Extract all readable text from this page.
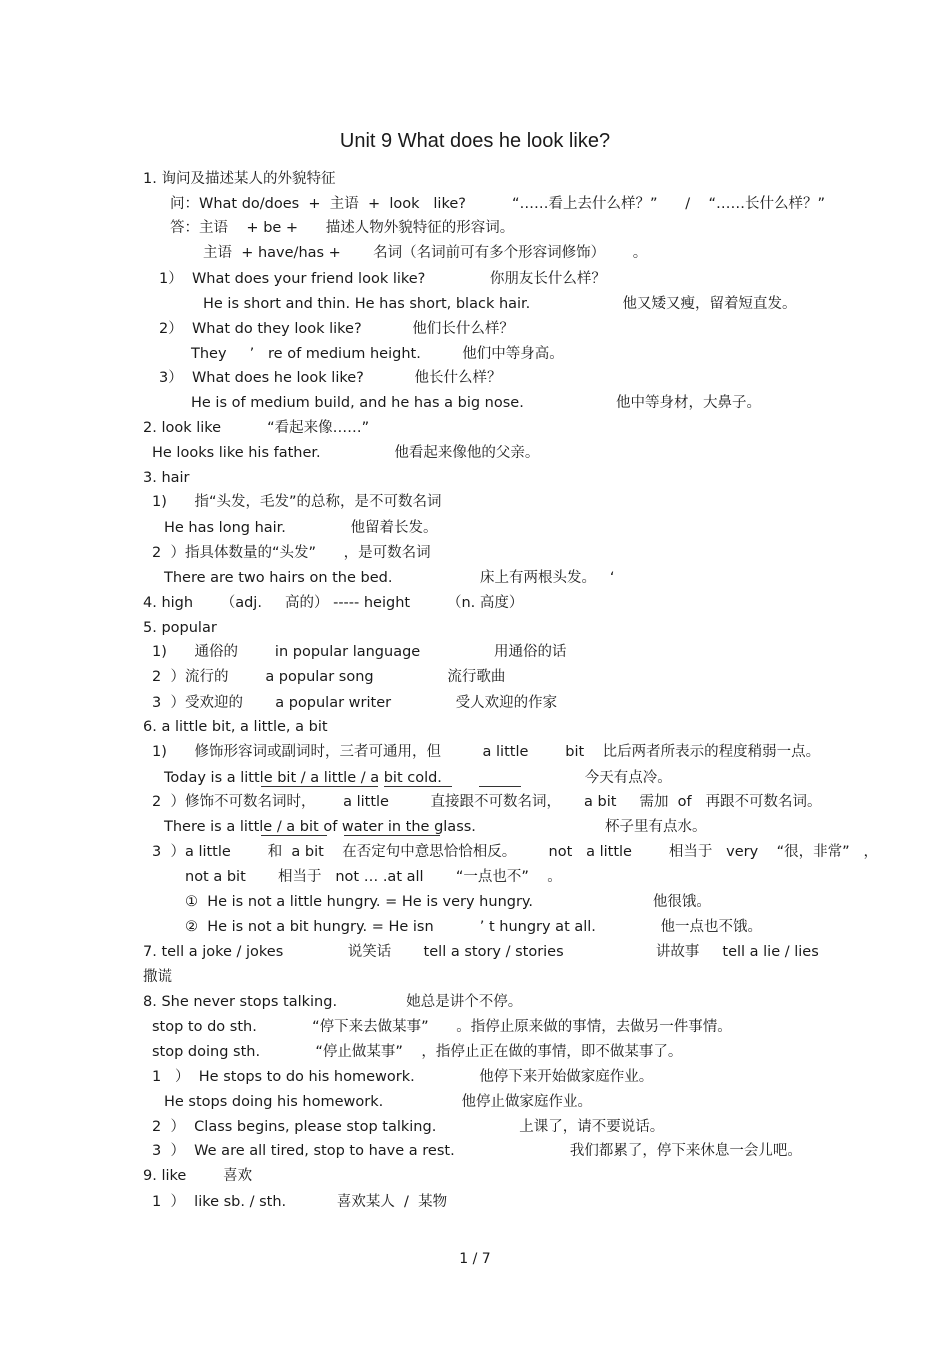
Unit 9 What does he look like?
1. 询问及描述某人的外貌特征
问：What do/does  +  主语  +  look   like?          “……看上去什么样？”      /    “……长什么样？”
答：主语    + be +      描述人物外貌特征的形容词。
主语  + have/has +       名词（名词前可有多个形容词修饰）      。
1）  What does your friend look like?              你朋友长什么样？
He is short and thin. He has short, black hair.                    他又矮又瘦，留着短直发。
2）  What do they look like?           他们长什么样？
They     ’   re of medium height.         他们中等身高。
3）  What does he look like?           他长什么样？
He is of medium build, and he has a big nose.                    他中等身材，大鼻子。
2. look like          “看起来像……”
He looks like his father.                他看起来像他的父亲。
3. hair
1)      指“头发，毛发”的总称，是不可数名词
He has long hair.              他留着长发。
2  ）指具体数量的“头发”      ，是可数名词
There are two hairs on the bed.                   床上有两根头发。   ‘
4. high      （adj.     高的） ----- height        （n. 高度）
5. popular
1)      通俗的        in popular language                用通俗的话
2  ）流行的        a popular song                流行歌曲
3  ）受欢迎的       a popular writer              受人欢迎的作家
6. a little bit, a little, a bit
1)      修饰形容词或副词时，三者可通用，但         a little        bit    比后两者所表示的程度稍弱一点。
Today is a little bit / a little / a bit cold.                               今天有点冷。
2  ）修饰不可数名词时，      a little         直接跟不可数名词，     a bit     需加  of   再跟不可数名词。
There is a little / a bit of water in the glass.                            杯子里有点水。
3  ）a little        和  a bit    在否定句中意思恰恰相反。       not   a little        相当于   very    “很，非常”   ，
not a bit       相当于   not … .at all       “一点也不”    。
①  He is not a little hungry. = He is very hungry.                          他很饿。
②  He is not a bit hungry. = He isn          ’ t hungry at all.              他一点也不饿。
7. tell a joke / jokes              说笑话       tell a story / stories                    讲故事     tell a lie / lies
撒谎
8. She never stops talking.               她总是讲个不停。
stop to do sth.            “停下来去做某事”      。指停止原来做的事情，去做另一件事情。
stop doing sth.            “停止做某事”    ，指停止正在做的事情，即不做某事了。
1   ）  He stops to do his homework.              他停下来开始做家庭作业。
He stops doing his homework.                 他停止做家庭作业。
2  ）  Class begins, please stop talking.                  上课了，请不要说话。
3  ）  We are all tired, stop to have a rest.                         我们都累了，停下来休息一会儿吧。
9. like        喜欢
1  ）  like sb. / sth.           喜欢某人  /  某物
1 / 7
